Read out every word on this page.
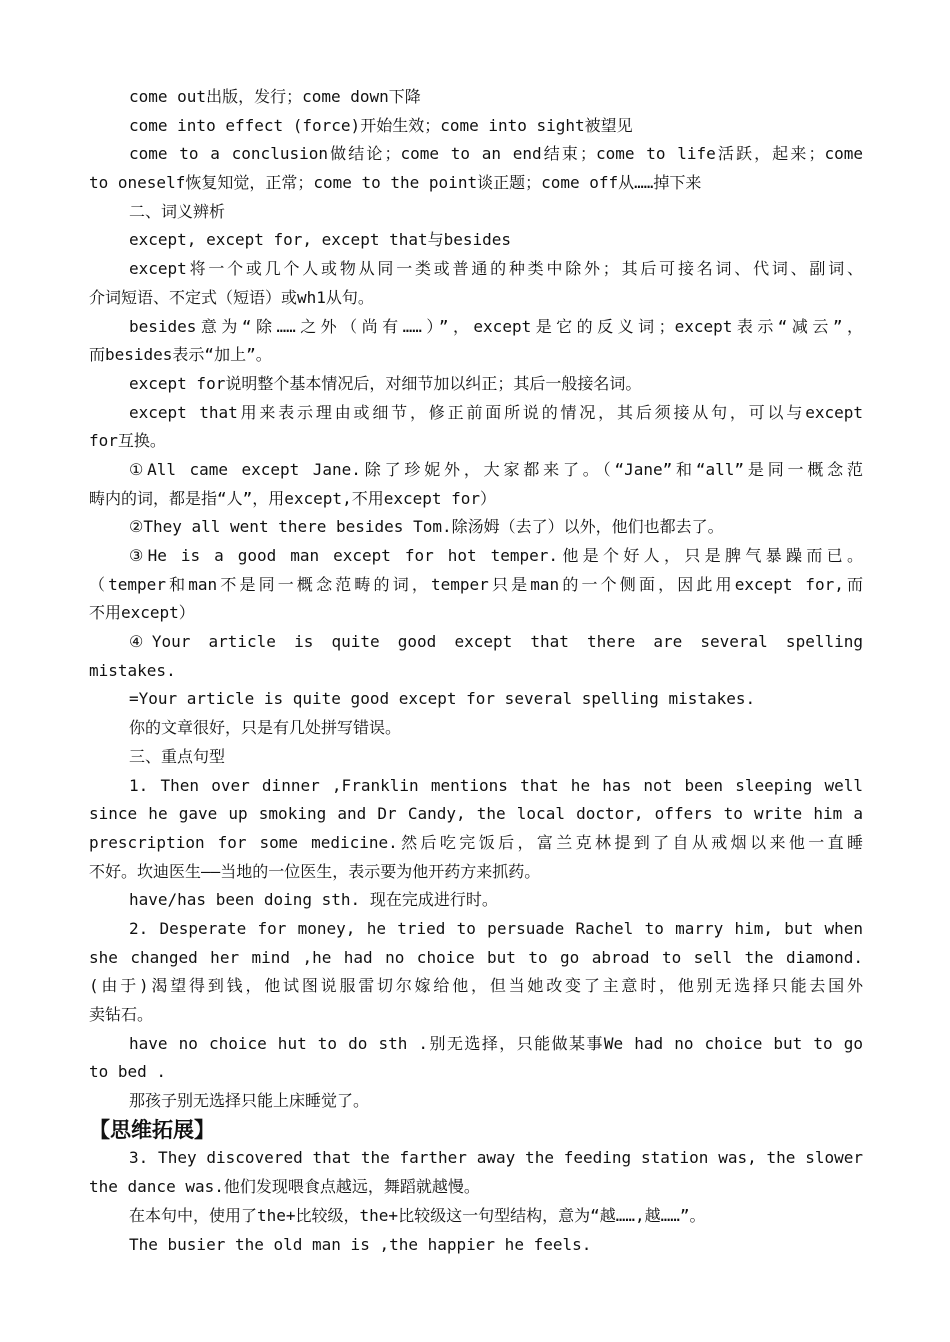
come out出版，发行；come down下降
come into effect (force)开始生效；come into sight被望见
come to a conclusion做结论；come to an end结束；come to life活跃，起来；come
to oneself恢复知觉，正常；come to the point谈正题；come off从……掉下来
二、词义辨析
except, except for, except that与besides
except将一个或几个人或物从同一类或普通的种类中除外；其后可接名词、代词、副词、
介词短语、不定式（短语）或wh1从句。
besides意为“除……之外（尚有……）”，except是它的反义词；except表示“减云”，
而besides表示“加上”。
except for说明整个基本情况后，对细节加以纠正；其后一般接名词。
except that用来表示理由或细节，修正前面所说的情况，其后须接从句，可以与except
for互换。
①All came except Jane.除了珍妮外，大家都来了。（“Jane”和“all”是同一概念范
畴内的词，都是指“人”，用except,不用except for）
②They all went there besides Tom.除汤姆（去了）以外，他们也都去了。
③He is a good man except for hot temper.他是个好人，只是脾气暴躁而已。
（temper和man不是同一概念范畴的词，temper只是man的一个侧面，因此用except for,而
不用except）
④Your article is quite good except that there are several spelling
mistakes.
=Your article is quite good except for several spelling mistakes.
你的文章很好，只是有几处拼写错误。
三、重点句型
1. Then over dinner ,Franklin mentions that he has not been sleeping well
since he gave up smoking and Dr Candy, the local doctor, offers to write him a
prescription for some medicine.然后吃完饭后，富兰克林提到了自从戒烟以来他一直睡
不好。坎迪医生——当地的一位医生，表示要为他开药方来抓药。
have/has been doing sth. 现在完成进行时。
2. Desperate for money, he tried to persuade Rachel to marry him, but when
she changed her mind ,he had no choice but to go abroad to sell the diamond.
(由于)渴望得到钱，他试图说服雷切尔嫁给他，但当她改变了主意时，他别无选择只能去国外
卖钻石。
have no choice hut to do sth .别无选择，只能做某事We had no choice but to go
to bed .
那孩子别无选择只能上床睡觉了。
【思维拓展】
3. They discovered that the farther away the feeding station was, the slower
the dance was.他们发现喂食点越远，舞蹈就越慢。
在本句中，使用了the+比较级，the+比较级这一句型结构，意为“越……,越……”。
The busier the old man is ,the happier he feels.
